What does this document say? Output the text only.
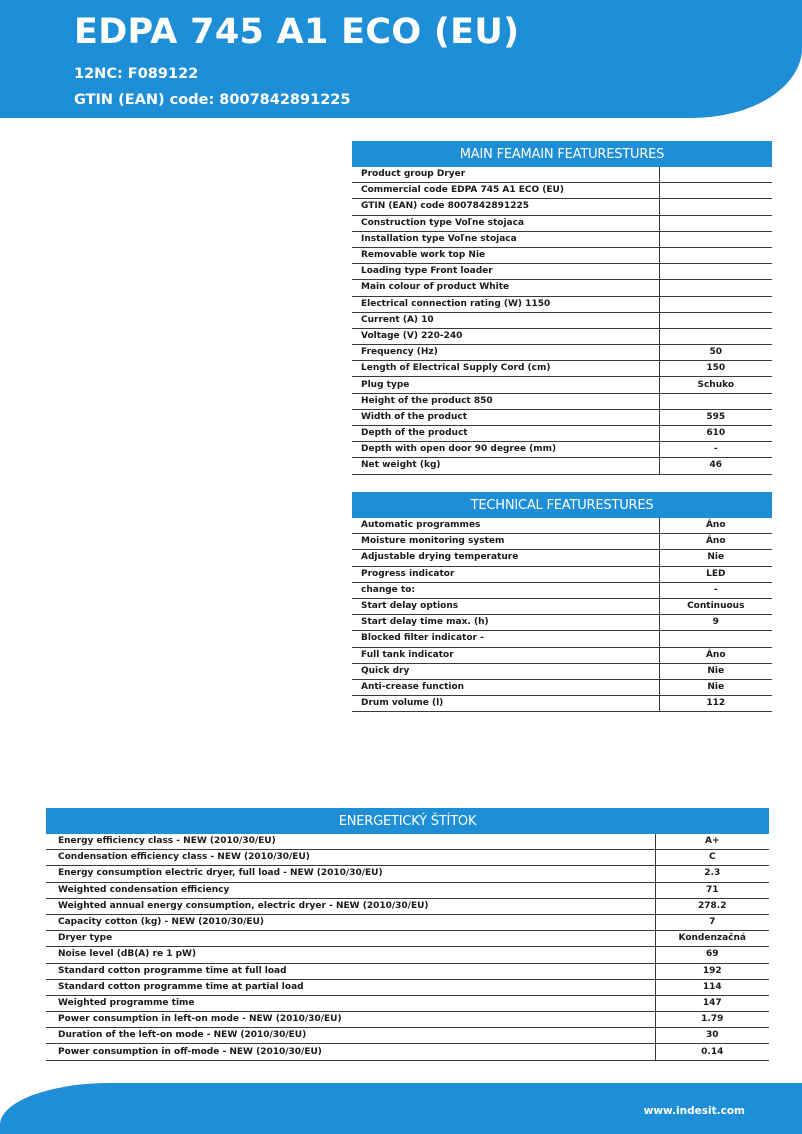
EDPA 745 A1 ECO (EU)
12NC: F089122
GTIN (EAN) code: 8007842891225
MAIN FEAMAIN FEATURESTURES	
Product group Dryer	
Commercial code EDPA 745 A1 ECO (EU)	
GTIN (EAN) code 8007842891225	
Construction type Voľne stojaca	
Installation type Voľne stojaca	
Removable work top Nie	
Loading type Front loader	
Main colour of product White	
Electrical connection rating (W) 1150	
Current (A) 10	
Voltage (V) 220-240	
Frequency (Hz)	50
Length of Electrical Supply Cord (cm)	150
Plug type	Schuko
Height of the product 850	
Width of the product	595
Depth of the product	610
Depth with open door 90 degree (mm)	-
Net weight (kg)	46
TECHNICAL FEATURESTURES	
Automatic programmes	Áno
Moisture monitoring system	Áno
Adjustable drying temperature	Nie
Progress indicator	LED
change to:	-
Start delay options	Continuous
Start delay time max. (h)	9
Blocked filter indicator -	
Full tank indicator	Áno
Quick dry	Nie
Anti-crease function	Nie
Drum volume (l)	112
ENERGETICKÝ ŠTÍTOK	
Energy efficiency class - NEW (2010/30/EU)	A+
Condensation efficiency class - NEW (2010/30/EU)	C
Energy consumption electric dryer, full load - NEW (2010/30/EU)	2.3
Weighted condensation efficiency	71
Weighted annual energy consumption, electric dryer - NEW (2010/30/EU)	278.2
Capacity cotton (kg) - NEW (2010/30/EU)	7
Dryer type	Kondenzačná
Noise level (dB(A) re 1 pW)	69
Standard cotton programme time at full load	192
Standard cotton programme time at partial load	114
Weighted programme time	147
Power consumption in left-on mode - NEW (2010/30/EU)	1.79
Duration of the left-on mode - NEW (2010/30/EU)	30
Power consumption in off-mode - NEW (2010/30/EU)	0.14
www.indesit.com
